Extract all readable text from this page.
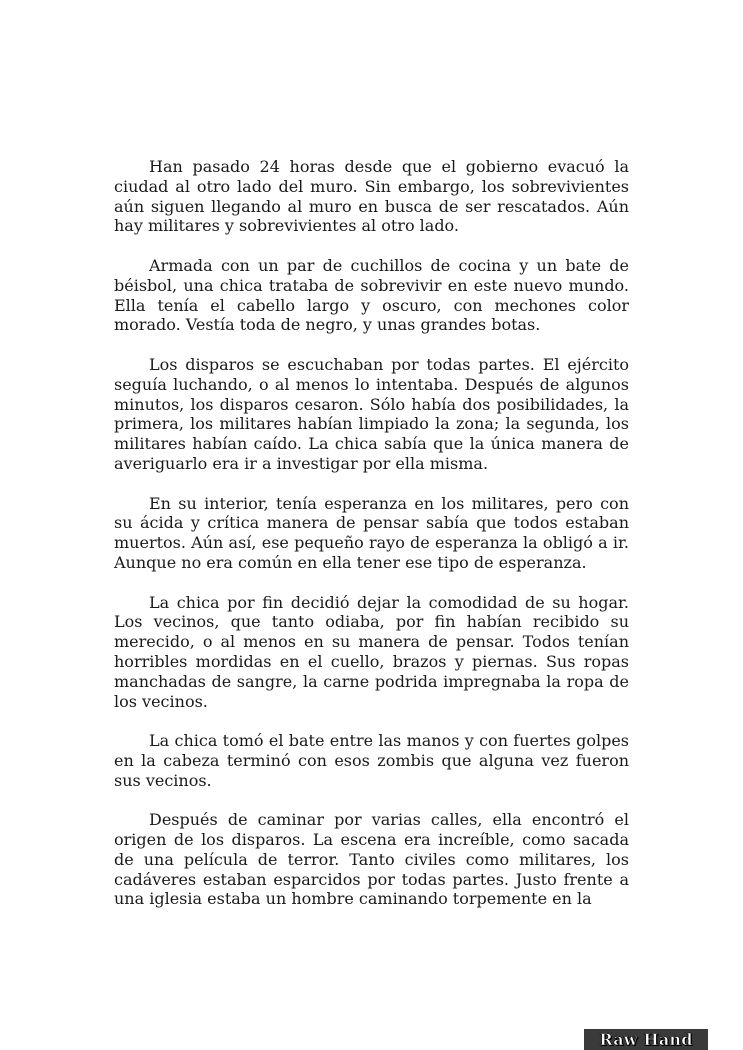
Han pasado 24 horas desde que el gobierno evacuó la ciudad al otro lado del muro. Sin embargo, los sobrevivientes aún siguen llegando al muro en busca de ser rescatados. Aún hay militares y sobrevivientes al otro lado.

Armada con un par de cuchillos de cocina y un bate de béisbol, una chica trataba de sobrevivir en este nuevo mundo. Ella tenía el cabello largo y oscuro, con mechones color morado. Vestía toda de negro, y unas grandes botas.

Los disparos se escuchaban por todas partes. El ejército seguía luchando, o al menos lo intentaba. Después de algunos minutos, los disparos cesaron. Sólo había dos posibilidades, la primera, los militares habían limpiado la zona; la segunda, los militares habían caído. La chica sabía que la única manera de averiguarlo era ir a investigar por ella misma.

En su interior, tenía esperanza en los militares, pero con su ácida y crítica manera de pensar sabía que todos estaban muertos. Aún así, ese pequeño rayo de esperanza la obligó a ir. Aunque no era común en ella tener ese tipo de esperanza.

La chica por fin decidió dejar la comodidad de su hogar. Los vecinos, que tanto odiaba, por fin habían recibido su merecido, o al menos en su manera de pensar. Todos tenían horribles mordidas en el cuello, brazos y piernas. Sus ropas manchadas de sangre, la carne podrida impregnaba la ropa de los vecinos.

La chica tomó el bate entre las manos y con fuertes golpes en la cabeza terminó con esos zombis que alguna vez fueron sus vecinos.

Después de caminar por varias calles, ella encontró el origen de los disparos. La escena era increíble, como sacada de una película de terror. Tanto civiles como militares, los cadáveres estaban esparcidos por todas partes. Justo frente a una iglesia estaba un hombre caminando torpemente en la

Raw Hand
